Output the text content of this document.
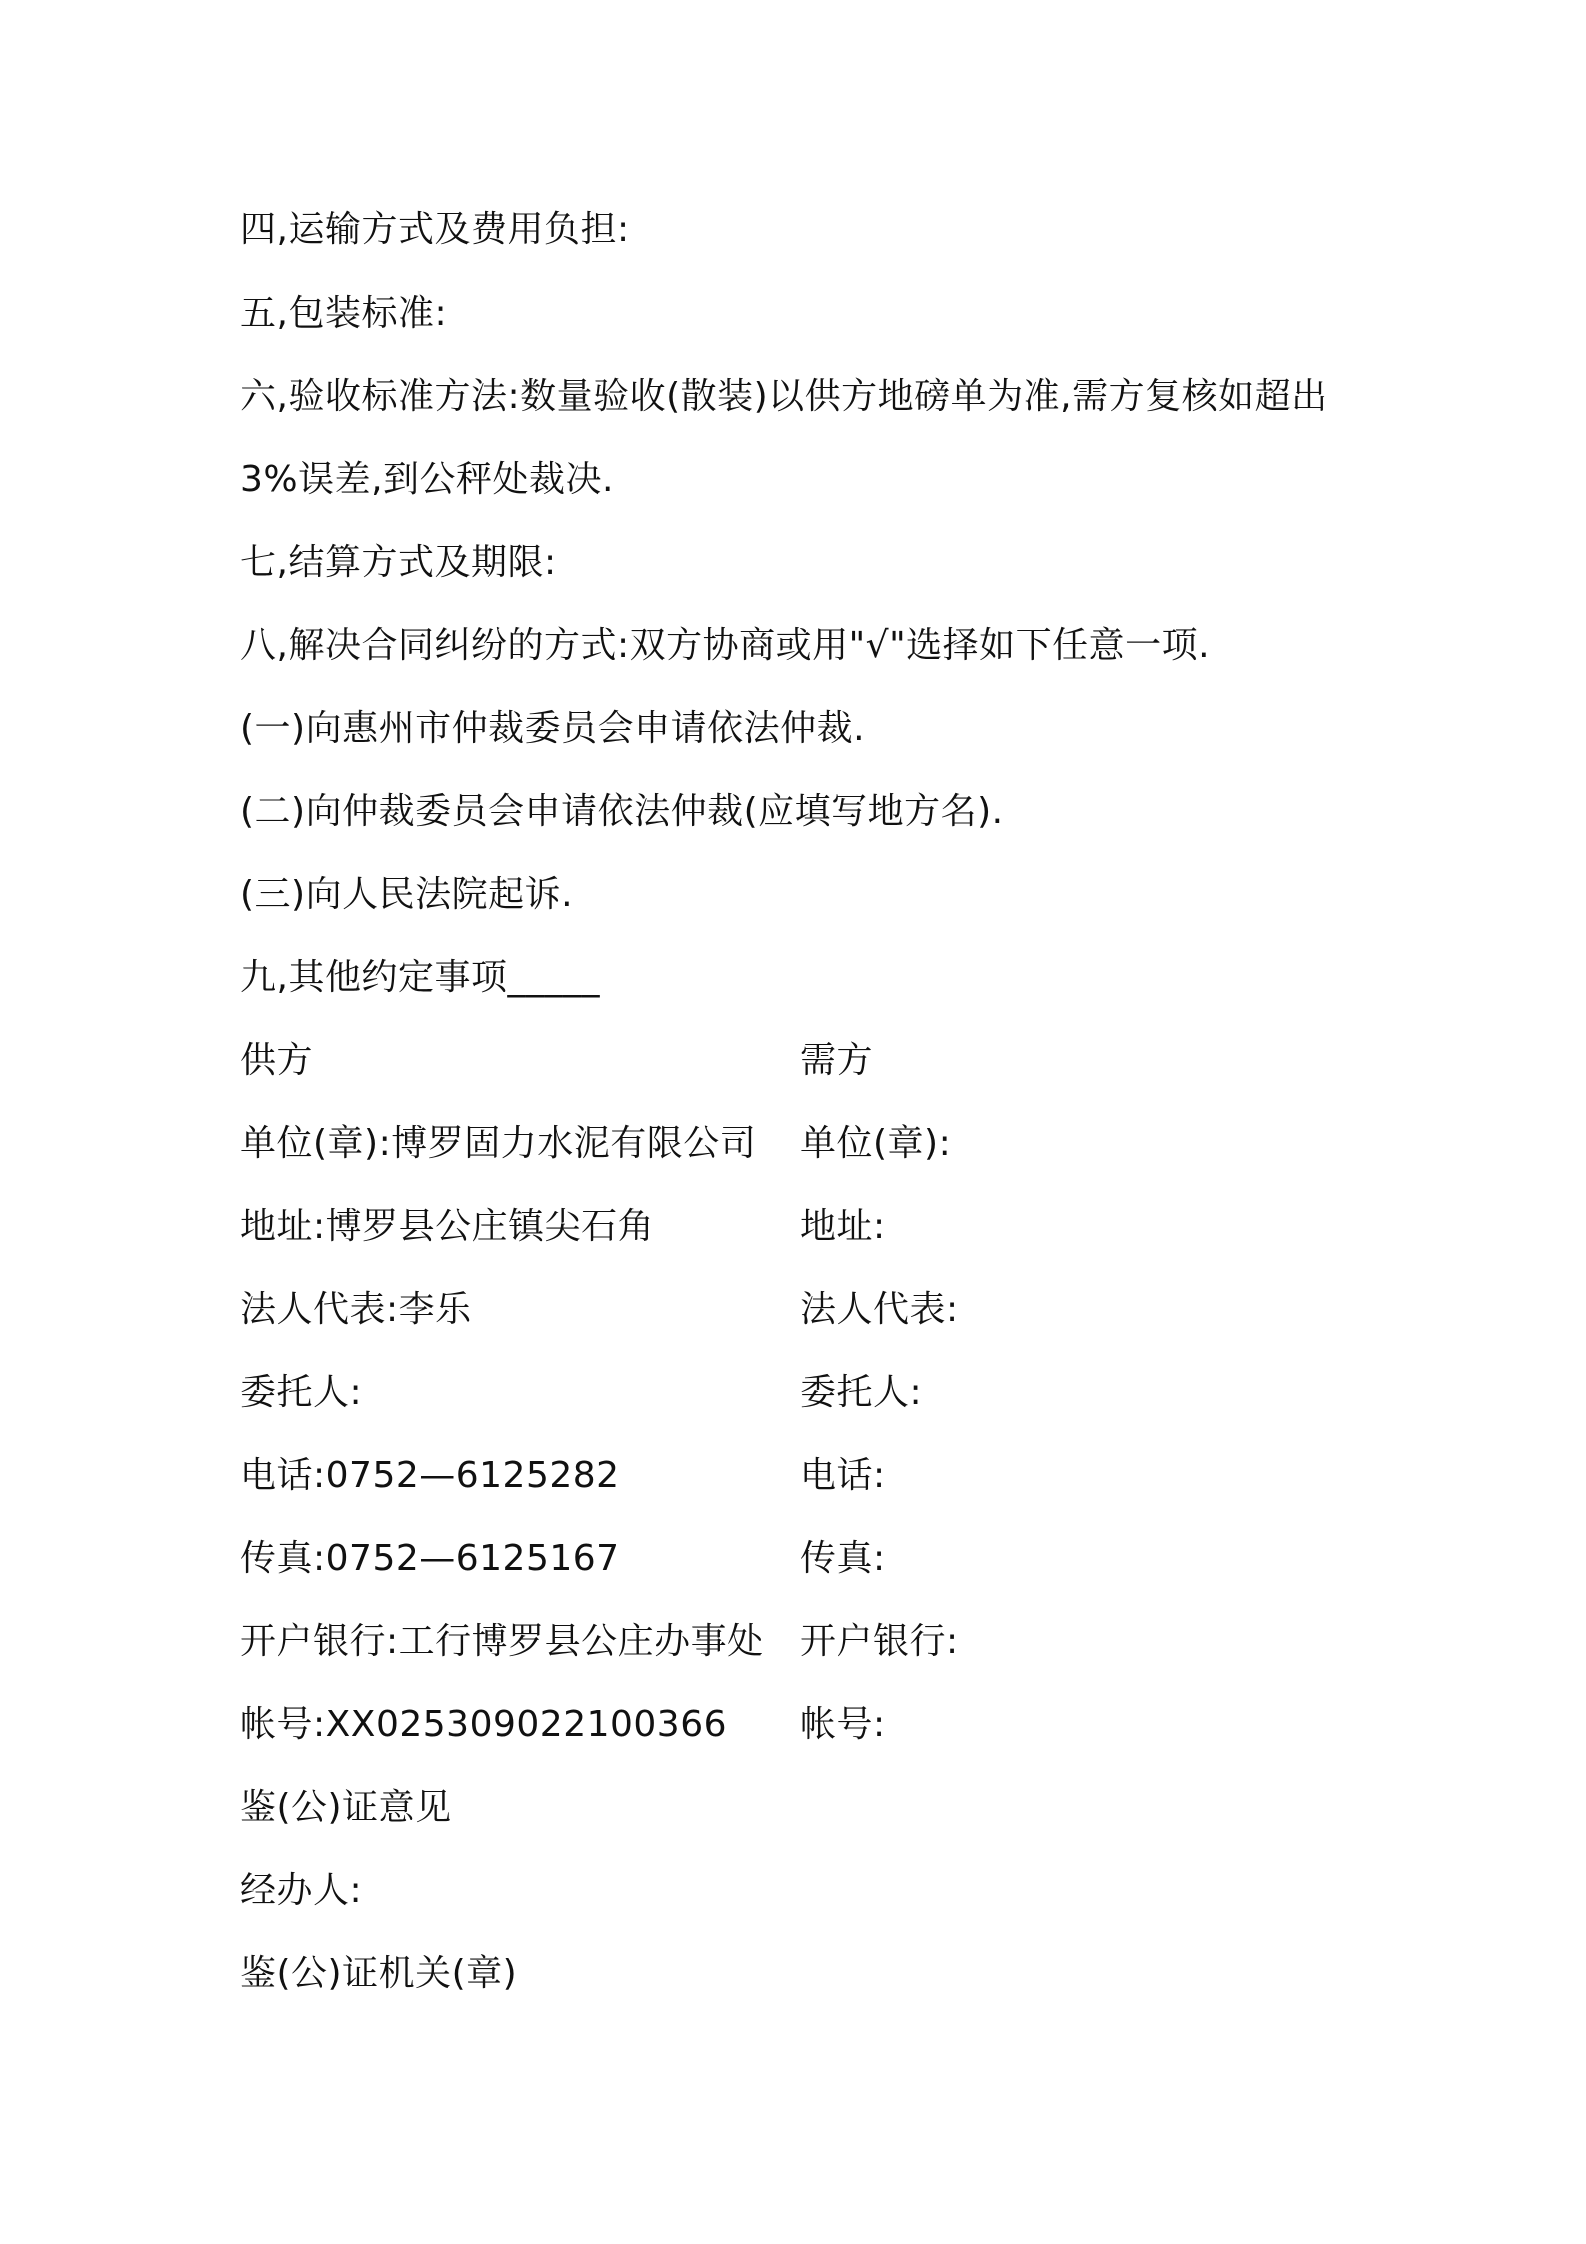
四,运输方式及费用负担:
五,包装标准:
六,验收标准方法:数量验收(散装)以供方地磅单为准,需方复核如超出
3%误差,到公秤处裁决.
七,结算方式及期限:
八,解决合同纠纷的方式:双方协商或用"√"选择如下任意一项.
(一)向惠州市仲裁委员会申请依法仲裁.
(二)向仲裁委员会申请依法仲裁(应填写地方名).
(三)向人民法院起诉.
九,其他约定事项_____
供方	需方
单位(章):博罗固力水泥有限公司 单位(章):
地址:博罗县公庄镇尖石角	地址:
法人代表:李乐	法人代表:
委托人:	委托人:
电话:0752—6125282	电话:
传真:0752—6125167	传真:
开户银行:工行博罗县公庄办事处 开户银行:
帐号:XX025309022100366 帐号:
鉴(公)证意见
经办人:
鉴(公)证机关(章)
